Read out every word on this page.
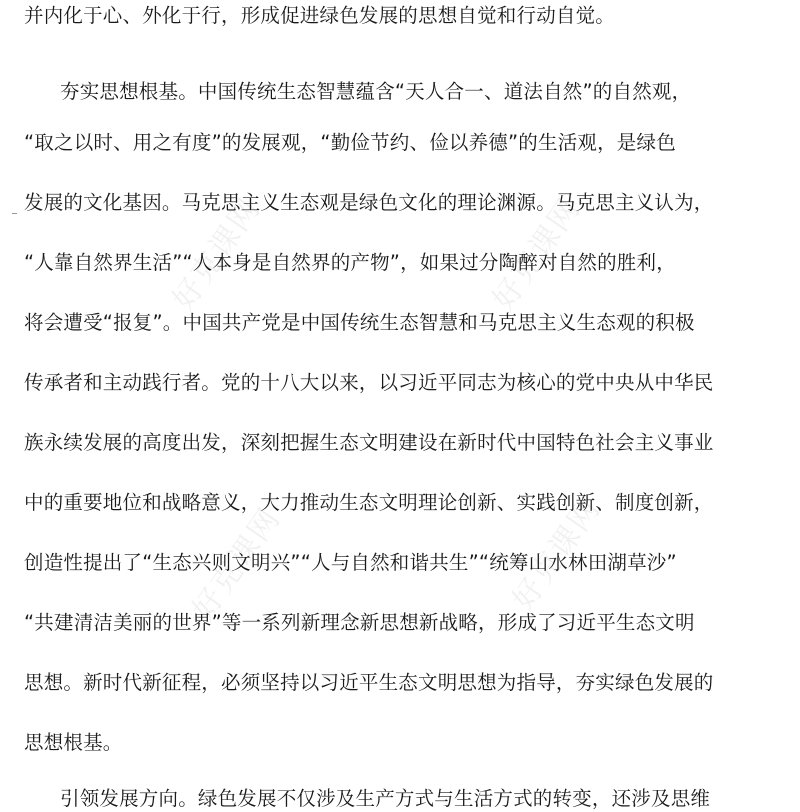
好克课网	好克课网
好克课网	好克课网
并内化于心、外化于行，形成促进绿色发展的思想自觉和行动自觉。
夯实思想根基。中国传统生态智慧蕴含“天人合一、道法自然”的自然观，
“取之以时、用之有度”的发展观，“勤俭节约、俭以养德”的生活观，是绿色
发展的文化基因。马克思主义生态观是绿色文化的理论渊源。马克思主义认为，
“人靠自然界生活”“人本身是自然界的产物”，如果过分陶醉对自然的胜利，
将会遭受“报复”。中国共产党是中国传统生态智慧和马克思主义生态观的积极
传承者和主动践行者。党的十八大以来，以习近平同志为核心的党中央从中华民
族永续发展的高度出发，深刻把握生态文明建设在新时代中国特色社会主义事业
中的重要地位和战略意义，大力推动生态文明理论创新、实践创新、制度创新，
创造性提出了“生态兴则文明兴”“人与自然和谐共生”“统筹山水林田湖草沙”
“共建清洁美丽的世界”等一系列新理念新思想新战略，形成了习近平生态文明
思想。新时代新征程，必须坚持以习近平生态文明思想为指导，夯实绿色发展的
思想根基。
引领发展方向。绿色发展不仅涉及生产方式与生活方式的转变，还涉及思维
